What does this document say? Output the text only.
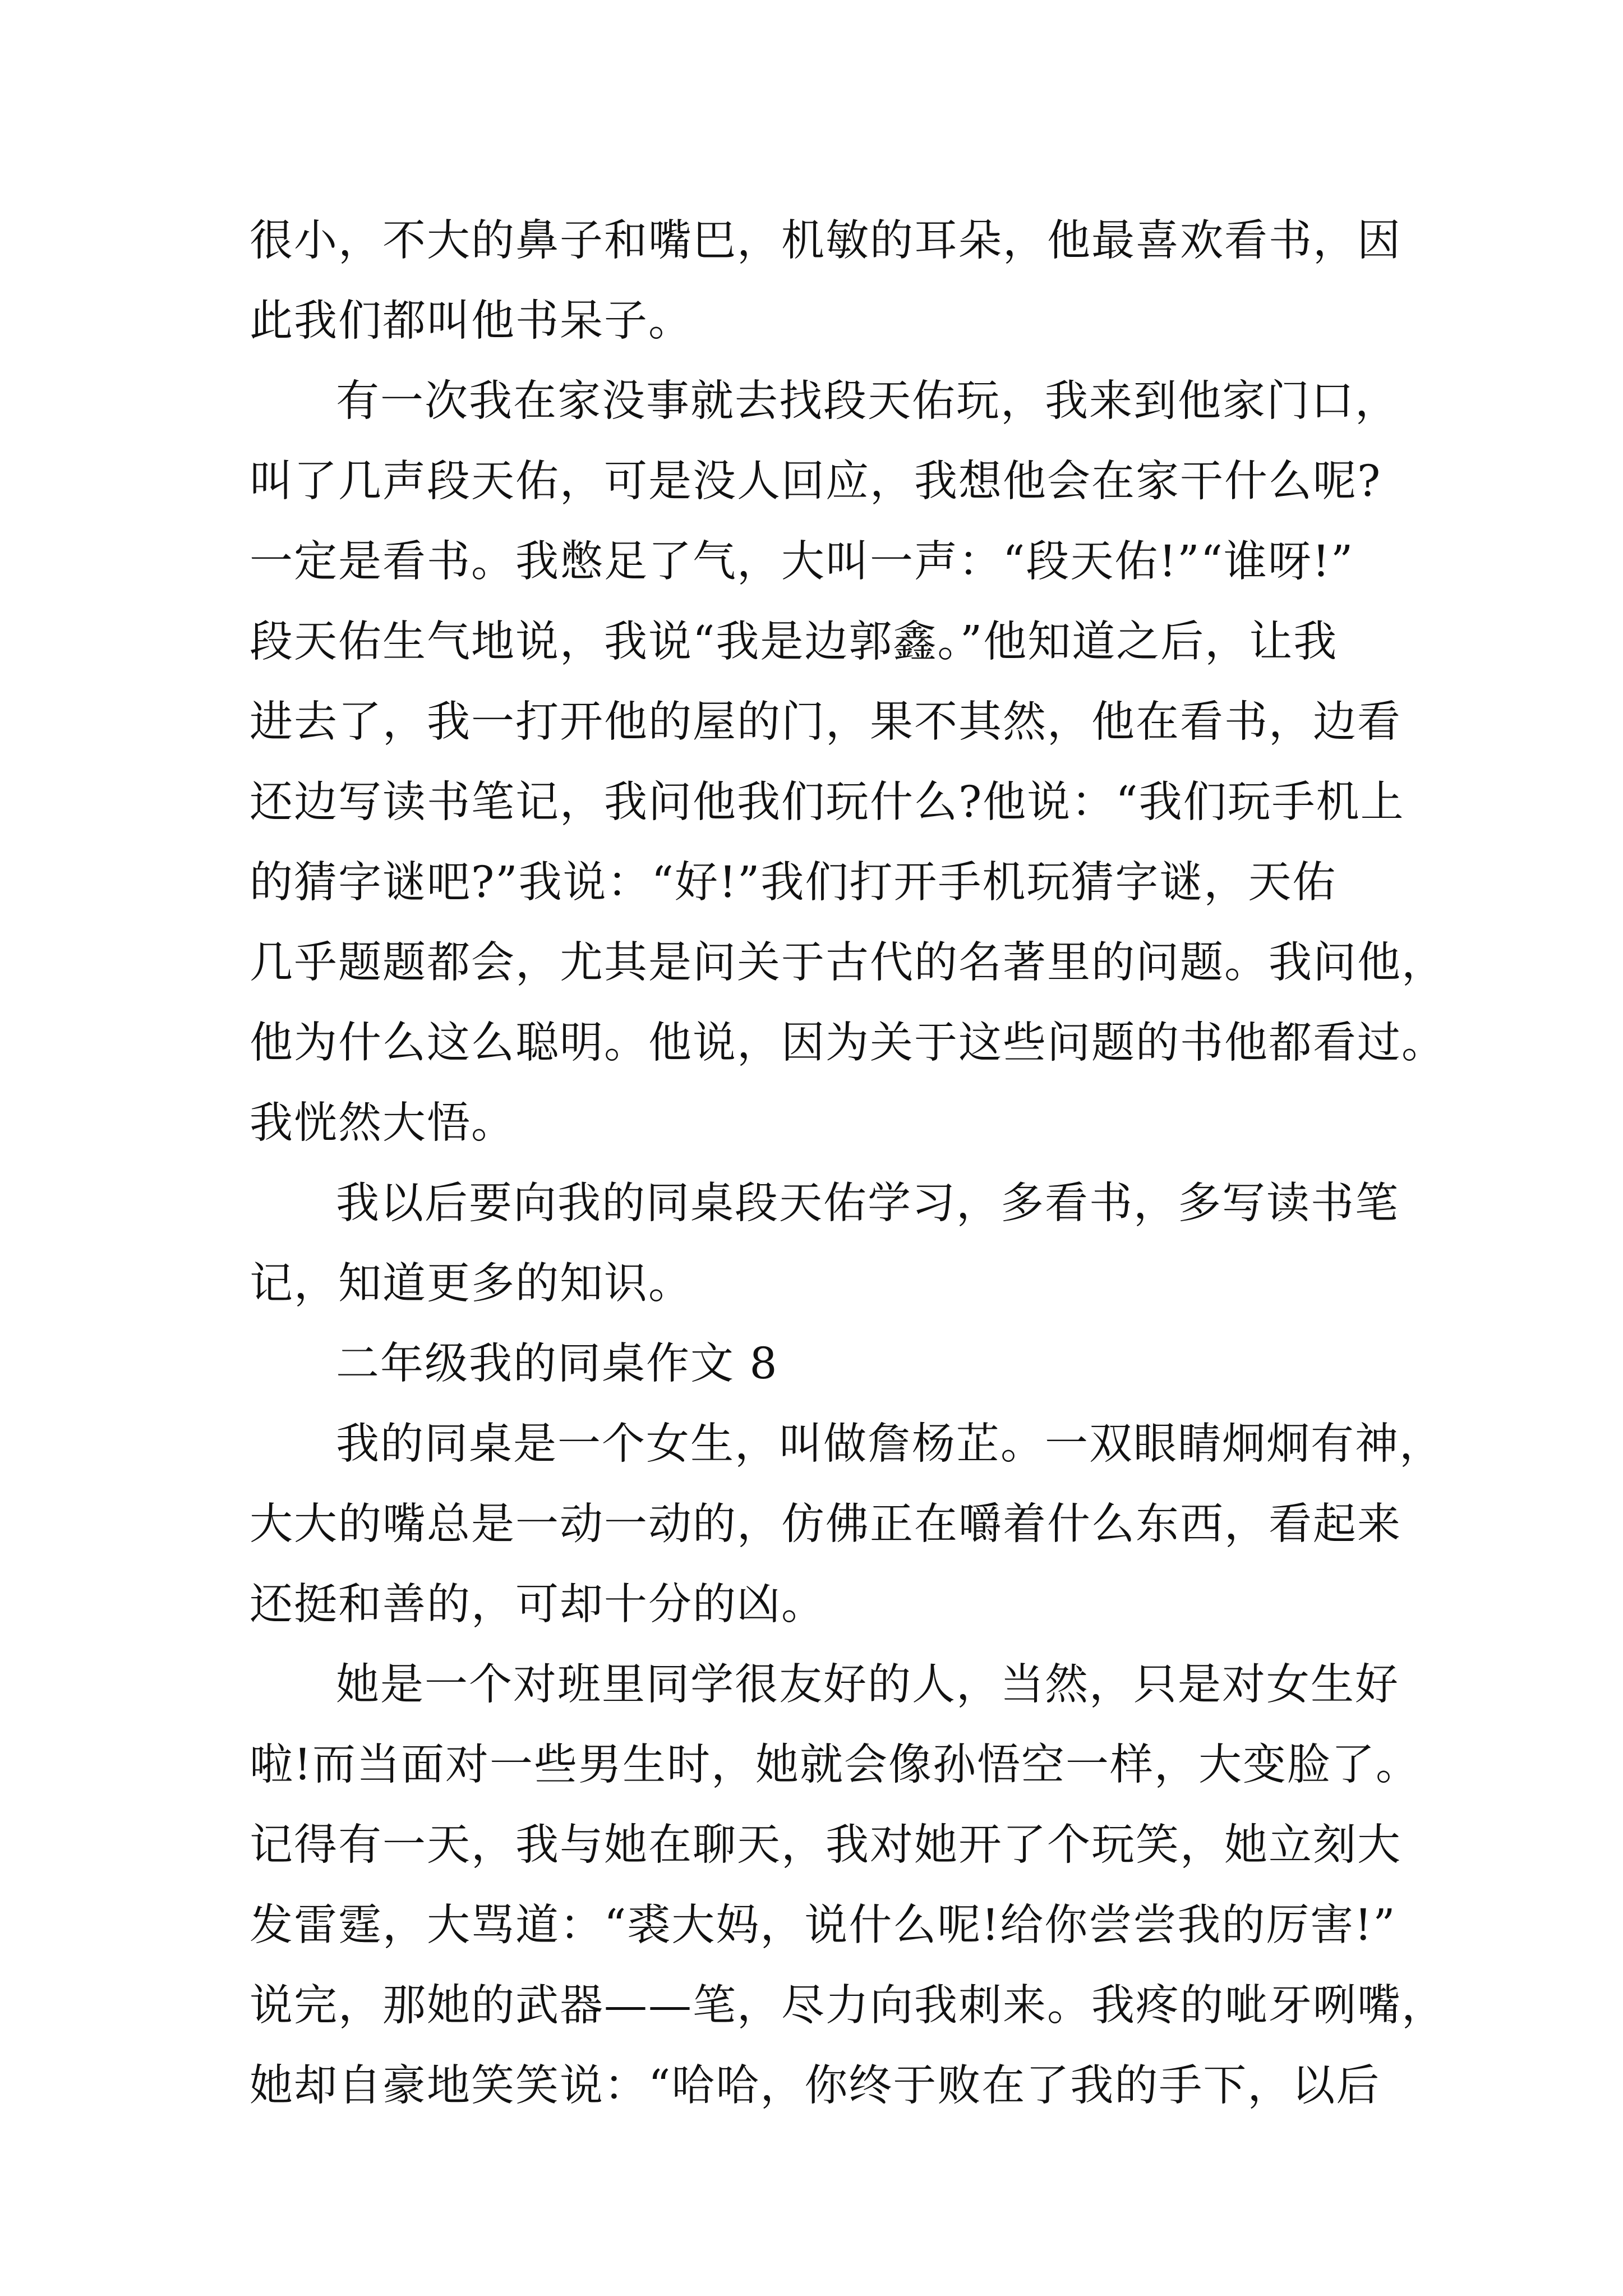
很小，不大的鼻子和嘴巴，机敏的耳朵，他最喜欢看书，因
此我们都叫他书呆子。
有一次我在家没事就去找段天佑玩，我来到他家门口，
叫了几声段天佑，可是没人回应，我想他会在家干什么呢?
一定是看书。我憋足了气，大叫一声：“段天佑!”“谁呀!”
段天佑生气地说，我说“我是边郭鑫。”他知道之后，让我
进去了，我一打开他的屋的门，果不其然，他在看书，边看
还边写读书笔记，我问他我们玩什么?他说：“我们玩手机上
的猜字谜吧?”我说：“好!”我们打开手机玩猜字谜，天佑
几乎题题都会，尤其是问关于古代的名著里的问题。我问他，
他为什么这么聪明。他说，因为关于这些问题的书他都看过。
我恍然大悟。
我以后要向我的同桌段天佑学习，多看书，多写读书笔
记，知道更多的知识。
二年级我的同桌作文 8
我的同桌是一个女生，叫做詹杨芷。一双眼睛炯炯有神，
大大的嘴总是一动一动的，仿佛正在嚼着什么东西，看起来
还挺和善的，可却十分的凶。
她是一个对班里同学很友好的人，当然，只是对女生好
啦!而当面对一些男生时，她就会像孙悟空一样，大变脸了。
记得有一天，我与她在聊天，我对她开了个玩笑，她立刻大
发雷霆，大骂道：“裘大妈，说什么呢!给你尝尝我的厉害!”
说完，那她的武器——笔，尽力向我刺来。我疼的呲牙咧嘴，
她却自豪地笑笑说：“哈哈，你终于败在了我的手下，以后
